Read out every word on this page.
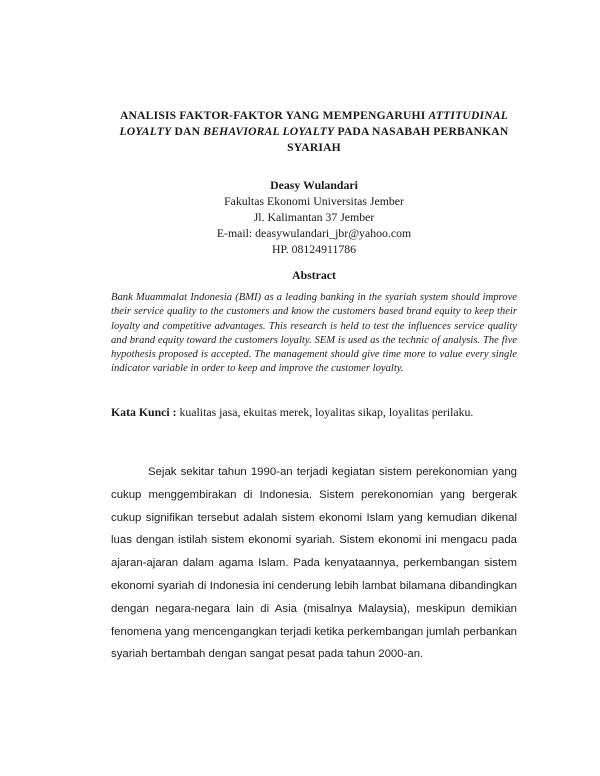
ANALISIS FAKTOR-FAKTOR YANG MEMPENGARUHI ATTITUDINAL LOYALTY DAN BEHAVIORAL LOYALTY PADA NASABAH PERBANKAN SYARIAH
Deasy Wulandari
Fakultas Ekonomi Universitas Jember
Jl. Kalimantan 37 Jember
E-mail: deasywulandari_jbr@yahoo.com
HP. 08124911786
Abstract

Bank Muammalat Indonesia (BMI) as a leading banking in the syariah system should improve their service quality to the customers and know the customers based brand equity to keep their loyalty and competitive advantages. This research is held to test the influences service quality and brand equity toward the customers loyalty. SEM is used as the technic of analysis. The five hypothesis proposed is accepted. The management should give time more to value every single indicator variable in order to keep and improve the customer loyalty.

Kata Kunci : kualitas jasa, ekuitas merek, loyalitas sikap, loyalitas perilaku.

Sejak sekitar tahun 1990-an terjadi kegiatan sistem perekonomian yang cukup menggembirakan di Indonesia. Sistem perekonomian yang bergerak cukup signifikan tersebut adalah sistem ekonomi Islam yang kemudian dikenal luas dengan istilah sistem ekonomi syariah. Sistem ekonomi ini mengacu pada ajaran-ajaran dalam agama Islam. Pada kenyataannya, perkembangan sistem ekonomi syariah di Indonesia ini cenderung lebih lambat bilamana dibandingkan dengan negara-negara lain di Asia (misalnya Malaysia), meskipun demikian fenomena yang mencengangkan terjadi ketika perkembangan jumlah perbankan syariah bertambah dengan sangat pesat pada tahun 2000-an.
